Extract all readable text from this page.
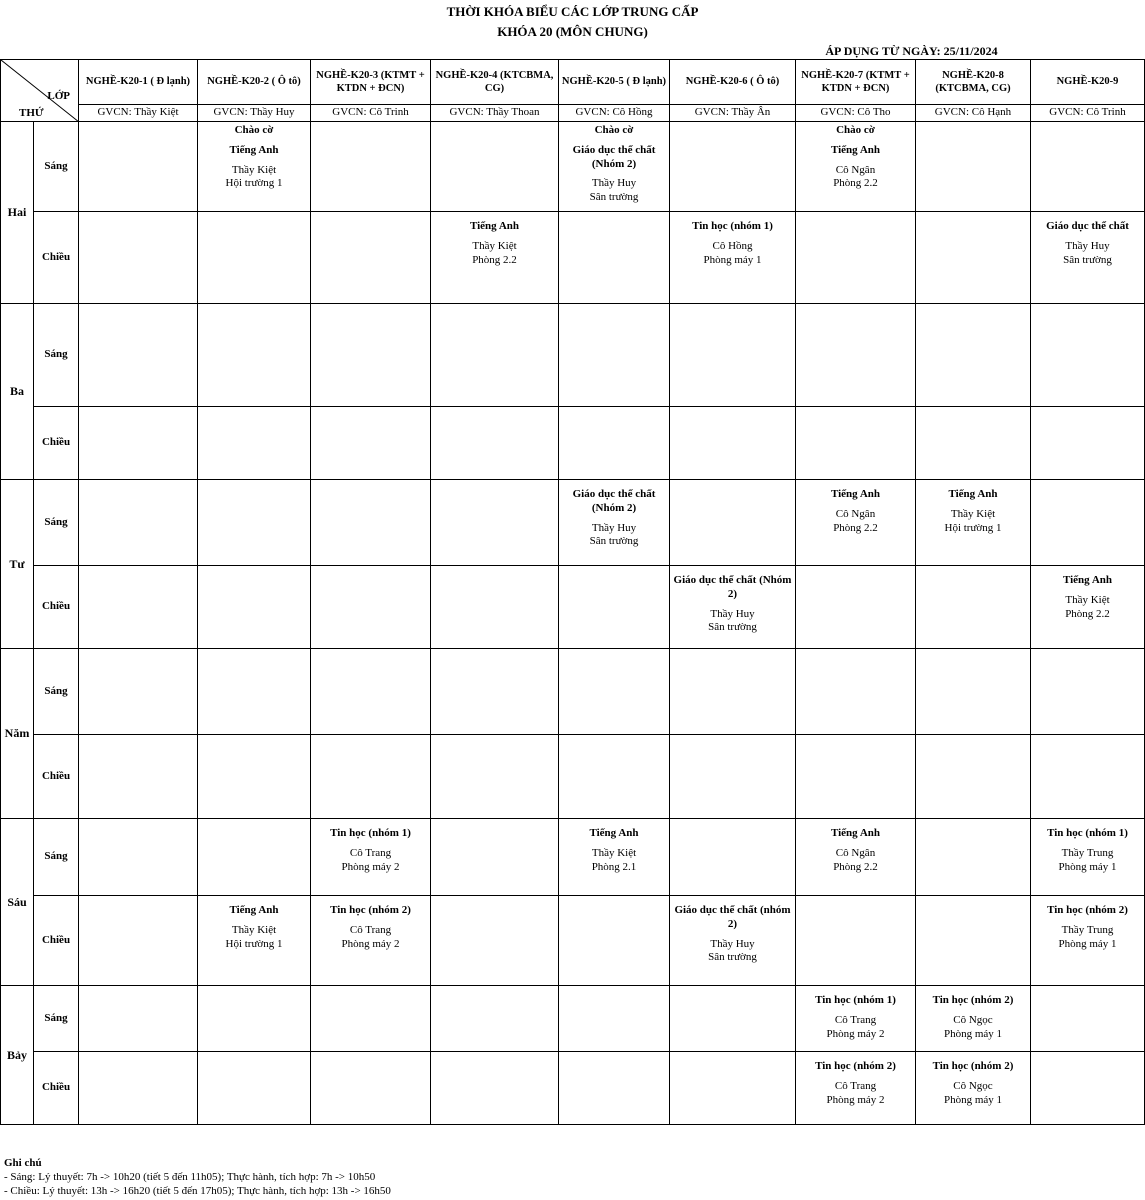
THỜI KHÓA BIỂU CÁC LỚP TRUNG CẤP
KHÓA 20 (MÔN CHUNG)
ÁP DỤNG TỪ NGÀY: 25/11/2024
LỚP
THỨ		NGHỀ-K20-1 ( Đ lạnh)	NGHỀ-K20-2 ( Ô tô)	NGHỀ-K20-3 (KTMT + KTDN + ĐCN)	NGHỀ-K20-4 (KTCBMA, CG)	NGHỀ-K20-5 ( Đ lạnh)	NGHỀ-K20-6 ( Ô tô)	NGHỀ-K20-7 (KTMT + KTDN + ĐCN)	NGHỀ-K20-8 (KTCBMA, CG)	NGHỀ-K20-9
		GVCN: Thầy Kiệt	GVCN: Thầy Huy	GVCN: Cô Trinh	GVCN: Thầy Thoan	GVCN: Cô Hồng	GVCN: Thầy Ân	GVCN: Cô Tho	GVCN: Cô Hạnh	GVCN: Cô Trinh
Hai	Sáng		Chào cờ
Tiếng Anh
Thầy Kiệt
Hội trường 1			Chào cờ
Giáo dục thể chất (Nhóm 2)
Thầy Huy
Sân trường		Chào cờ
Tiếng Anh
Cô Ngân
Phòng 2.2		

	Chiều				Tiếng Anh
Thầy Kiệt
Phòng 2.2		Tin học (nhóm 1)
Cô Hồng
Phòng máy 1			Giáo dục thể chất
Thầy Huy
Sân trường

Ba	Sáng									
	Chiều									
Tư	Sáng					Giáo dục thể chất (Nhóm 2)
Thầy Huy
Sân trường		Tiếng Anh
Cô Ngân
Phòng 2.2	Tiếng Anh
Thầy Kiệt
Hội trường 1	

	Chiều						Giáo dục thể chất (Nhóm 2)
Thầy Huy
Sân trường			Tiếng Anh
Thầy Kiệt
Phòng 2.2

Năm	Sáng									
	Chiều									
Sáu	Sáng			Tin học (nhóm 1)
Cô Trang
Phòng máy 2		Tiếng Anh
Thầy Kiệt
Phòng 2.1		Tiếng Anh
Cô Ngân
Phòng 2.2		Tin học (nhóm 1)
Thầy Trung
Phòng máy 1

	Chiều		Tiếng Anh
Thầy Kiệt
Hội trường 1	Tin học (nhóm 2)
Cô Trang
Phòng máy 2			Giáo dục thể chất (nhóm 2)
Thầy Huy
Sân trường			Tin học (nhóm 2)
Thầy Trung
Phòng máy 1

Bảy	Sáng							Tin học (nhóm 1)
Cô Trang
Phòng máy 2	Tin học (nhóm 2)
Cô Ngọc
Phòng máy 1	

	Chiều							Tin học (nhóm 2)
Cô Trang
Phòng máy 2	Tin học (nhóm 2)
Cô Ngọc
Phòng máy 1	

Ghi chú
- Sáng: Lý thuyết: 7h -> 10h20 (tiết 5 đến 11h05); Thực hành, tích hợp: 7h -> 10h50
- Chiều: Lý thuyết: 13h -> 16h20 (tiết 5 đến 17h05); Thực hành, tích hợp: 13h -> 16h50
